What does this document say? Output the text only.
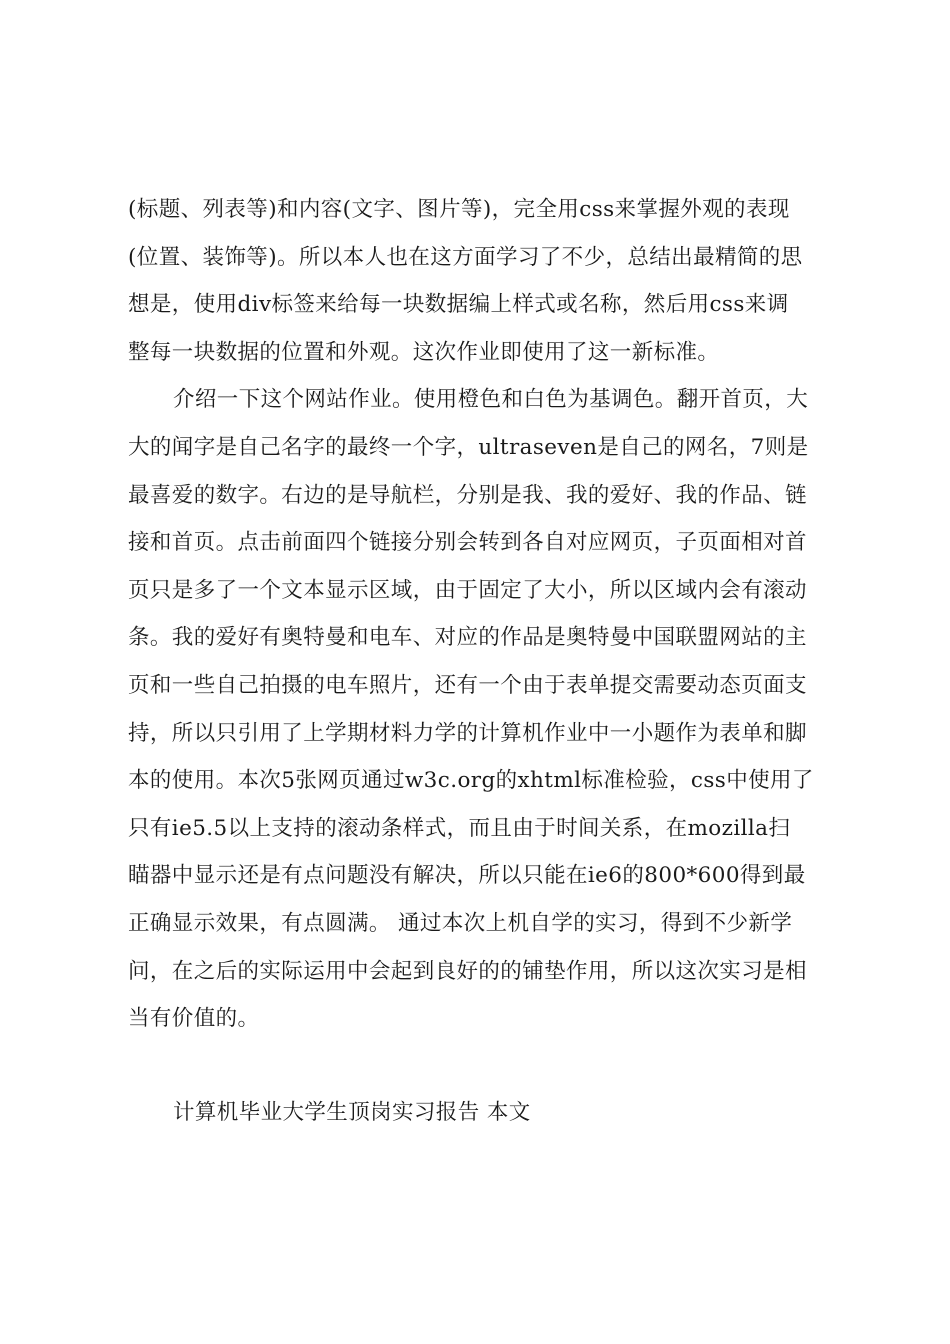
(标题、列表等)和内容(文字、图片等)，完全用css来掌握外观的表现
(位置、装饰等)。所以本人也在这方面学习了不少，总结出最精简的思
想是，使用div标签来给每一块数据编上样式或名称，然后用css来调
整每一块数据的位置和外观。这次作业即使用了这一新标准。
介绍一下这个网站作业。使用橙色和白色为基调色。翻开首页，大
大的闻字是自己名字的最终一个字，ultraseven是自己的网名，7则是
最喜爱的数字。右边的是导航栏，分别是我、我的爱好、我的作品、链
接和首页。点击前面四个链接分别会转到各自对应网页，子页面相对首
页只是多了一个文本显示区域，由于固定了大小，所以区域内会有滚动
条。我的爱好有奥特曼和电车、对应的作品是奥特曼中国联盟网站的主
页和一些自己拍摄的电车照片，还有一个由于表单提交需要动态页面支
持，所以只引用了上学期材料力学的计算机作业中一小题作为表单和脚
本的使用。本次5张网页通过w3c.org的xhtml标准检验，css中使用了
只有ie5.5以上支持的滚动条样式，而且由于时间关系，在mozilla扫
瞄器中显示还是有点问题没有解决，所以只能在ie6的800*600得到最
正确显示效果，有点圆满。 通过本次上机自学的实习，得到不少新学
问，在之后的实际运用中会起到良好的的铺垫作用，所以这次实习是相
当有价值的。
计算机毕业大学生顶岗实习报告 本文
